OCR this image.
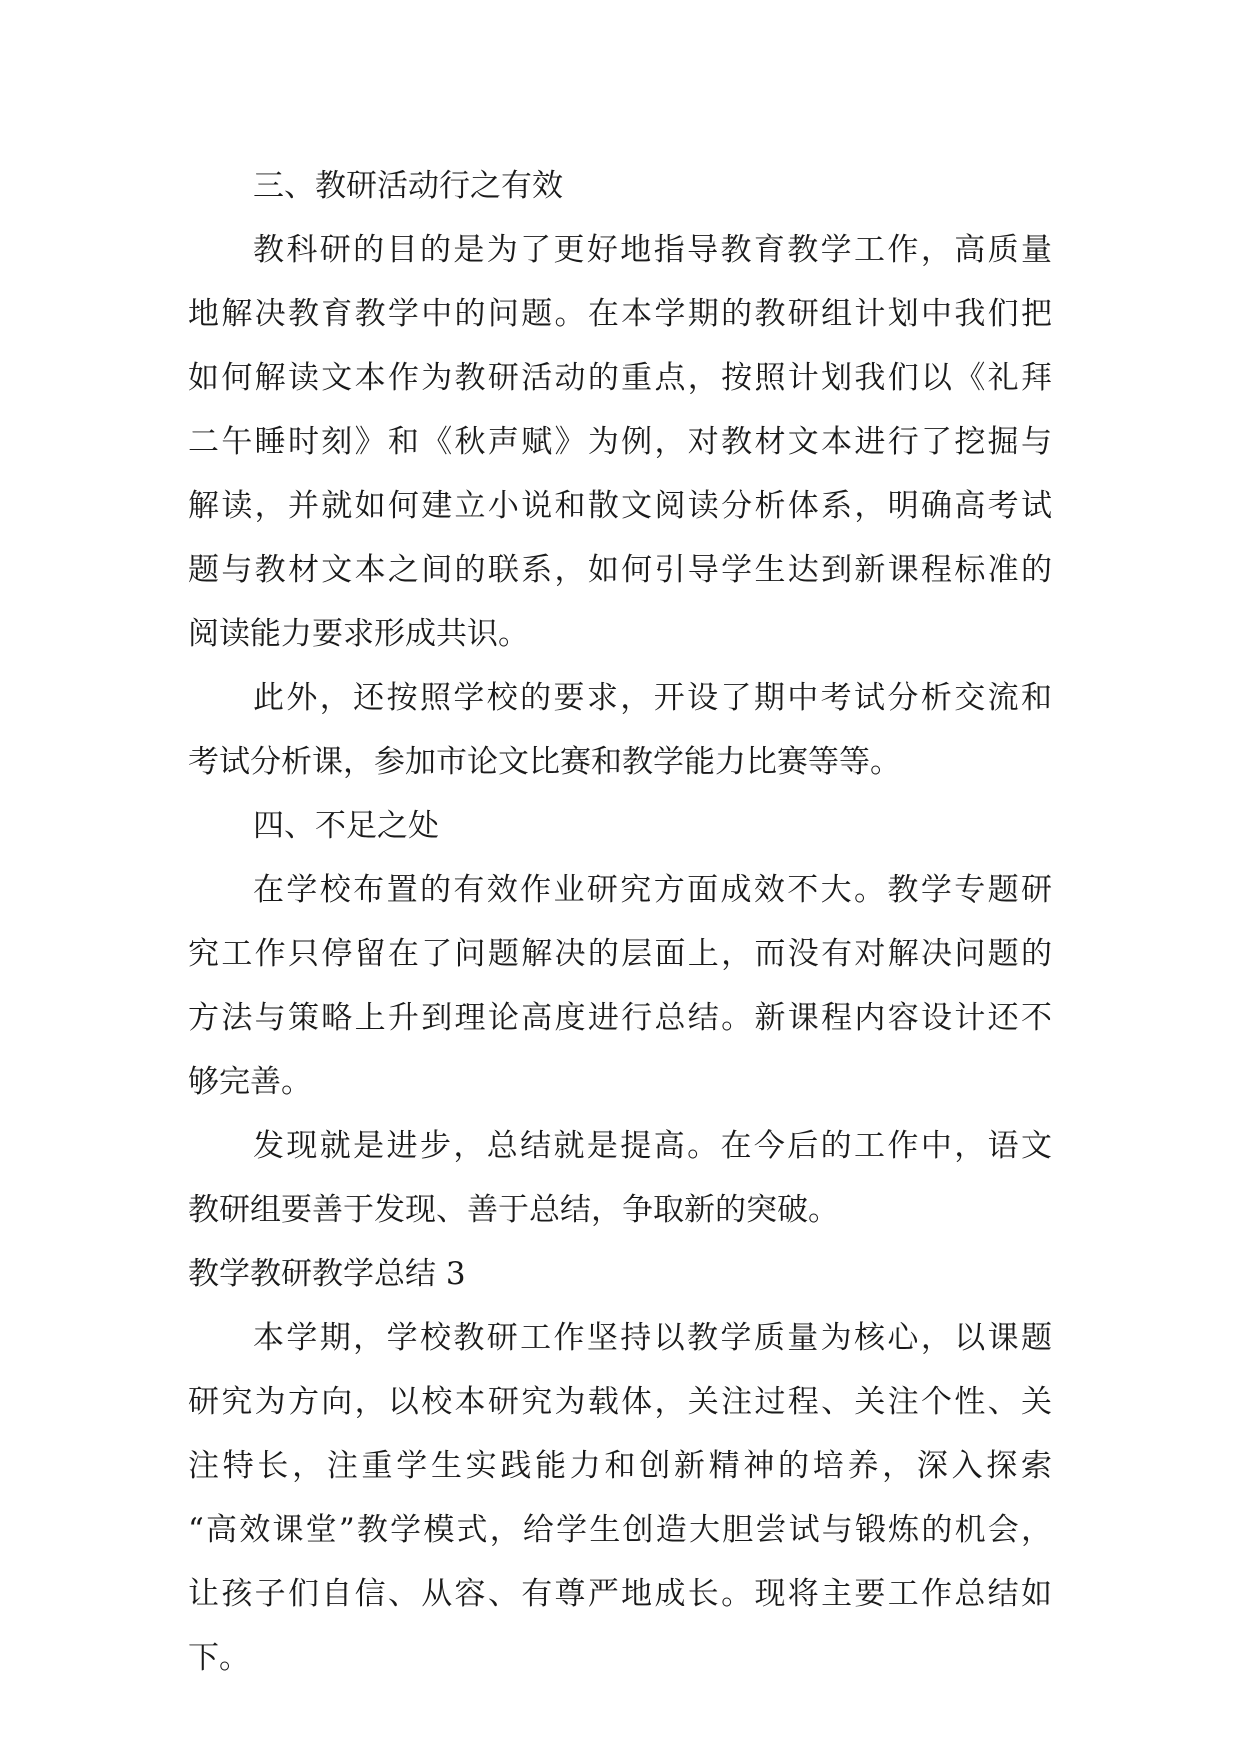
三、教研活动行之有效
教科研的目的是为了更好地指导教育教学工作，高质量
地解决教育教学中的问题。在本学期的教研组计划中我们把
如何解读文本作为教研活动的重点，按照计划我们以《礼拜
二午睡时刻》和《秋声赋》为例，对教材文本进行了挖掘与
解读，并就如何建立小说和散文阅读分析体系，明确高考试
题与教材文本之间的联系，如何引导学生达到新课程标准的
阅读能力要求形成共识。
此外，还按照学校的要求，开设了期中考试分析交流和
考试分析课，参加市论文比赛和教学能力比赛等等。
四、不足之处
在学校布置的有效作业研究方面成效不大。教学专题研
究工作只停留在了问题解决的层面上，而没有对解决问题的
方法与策略上升到理论高度进行总结。新课程内容设计还不
够完善。
发现就是进步，总结就是提高。在今后的工作中，语文
教研组要善于发现、善于总结，争取新的突破。
教学教研教学总结 3
本学期，学校教研工作坚持以教学质量为核心，以课题
研究为方向，以校本研究为载体，关注过程、关注个性、关
注特长，注重学生实践能力和创新精神的培养，深入探索
“高效课堂”教学模式，给学生创造大胆尝试与锻炼的机会，
让孩子们自信、从容、有尊严地成长。现将主要工作总结如
下。
